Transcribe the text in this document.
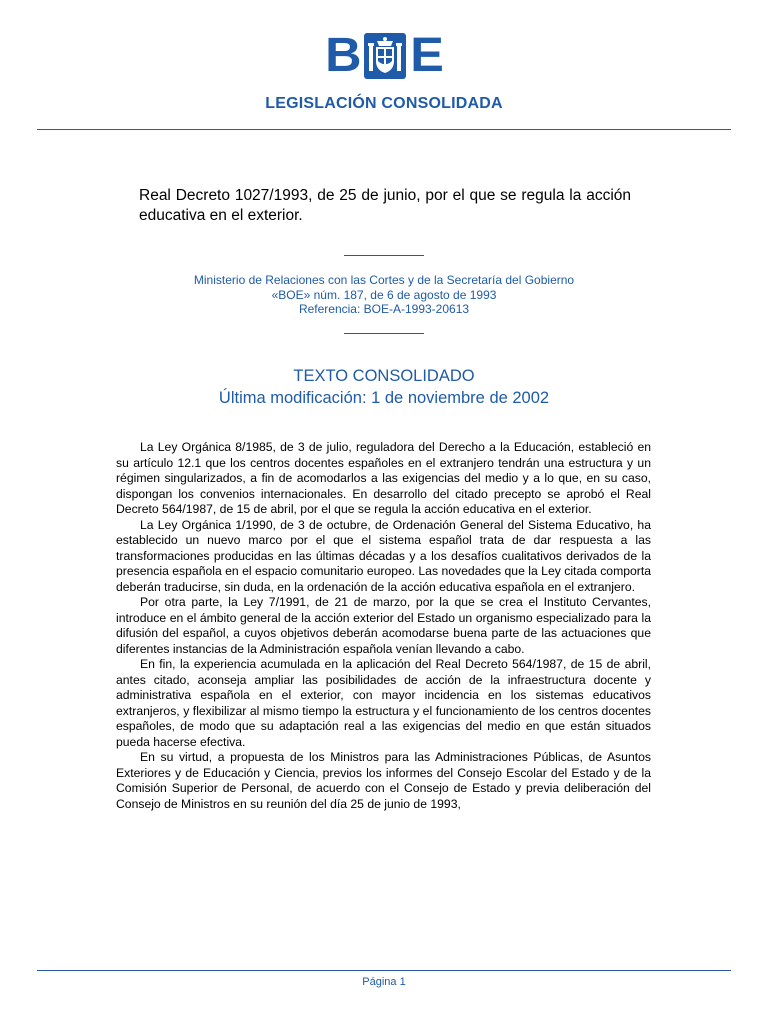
B E
LEGISLACIÓN CONSOLIDADA
Real Decreto 1027/1993, de 25 de junio, por el que se regula la acción educativa en el exterior.
Ministerio de Relaciones con las Cortes y de la Secretaría del Gobierno
«BOE» núm. 187, de 6 de agosto de 1993
Referencia: BOE-A-1993-20613
TEXTO CONSOLIDADO
Última modificación: 1 de noviembre de 2002

La Ley Orgánica 8/1985, de 3 de julio, reguladora del Derecho a la Educación, estableció en su artículo 12.1 que los centros docentes españoles en el extranjero tendrán una estructura y un régimen singularizados, a fin de acomodarlos a las exigencias del medio y a lo que, en su caso, dispongan los convenios internacionales. En desarrollo del citado precepto se aprobó el Real Decreto 564/1987, de 15 de abril, por el que se regula la acción educativa en el exterior.

La Ley Orgánica 1/1990, de 3 de octubre, de Ordenación General del Sistema Educativo, ha establecido un nuevo marco por el que el sistema español trata de dar respuesta a las transformaciones producidas en las últimas décadas y a los desafíos cualitativos derivados de la presencia española en el espacio comunitario europeo. Las novedades que la Ley citada comporta deberán traducirse, sin duda, en la ordenación de la acción educativa española en el extranjero.

Por otra parte, la Ley 7/1991, de 21 de marzo, por la que se crea el Instituto Cervantes, introduce en el ámbito general de la acción exterior del Estado un organismo especializado para la difusión del español, a cuyos objetivos deberán acomodarse buena parte de las actuaciones que diferentes instancias de la Administración española venían llevando a cabo.

En fin, la experiencia acumulada en la aplicación del Real Decreto 564/1987, de 15 de abril, antes citado, aconseja ampliar las posibilidades de acción de la infraestructura docente y administrativa española en el exterior, con mayor incidencia en los sistemas educativos extranjeros, y flexibilizar al mismo tiempo la estructura y el funcionamiento de los centros docentes españoles, de modo que su adaptación real a las exigencias del medio en que están situados pueda hacerse efectiva.

En su virtud, a propuesta de los Ministros para las Administraciones Públicas, de Asuntos Exteriores y de Educación y Ciencia, previos los informes del Consejo Escolar del Estado y de la Comisión Superior de Personal, de acuerdo con el Consejo de Estado y previa deliberación del Consejo de Ministros en su reunión del día 25 de junio de 1993,

Página 1
